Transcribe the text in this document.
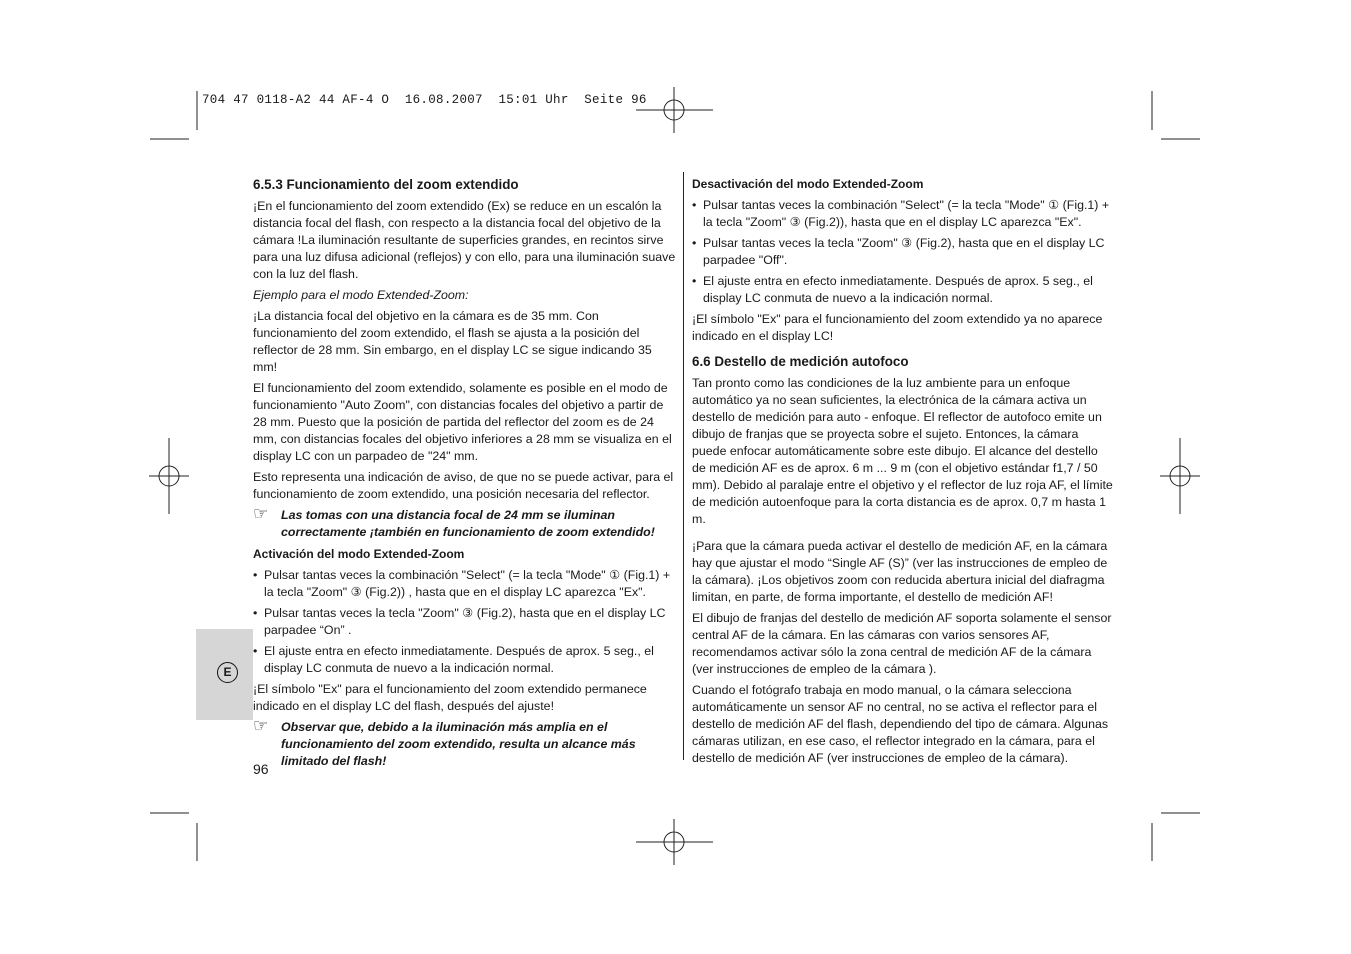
704 47 0118-A2 44 AF-4 O  16.08.2007  15:01 Uhr  Seite 96
E
6.5.3 Funcionamiento del zoom extendido

¡En el funcionamiento del zoom extendido (Ex) se reduce en un escalón la distancia focal del flash, con respecto a la distancia focal del objetivo de la cámara !La iluminación resultante de superficies grandes, en recintos sirve para una luz difusa adicional (reflejos) y con ello, para una iluminación suave con la luz del flash.

Ejemplo para el modo Extended-Zoom:

¡La distancia focal del objetivo en la cámara es de 35 mm. Con funcionamiento del zoom extendido, el flash se ajusta a la posición del reflector de 28 mm. Sin embargo, en el display LC se sigue indicando 35 mm!

El funcionamiento del zoom extendido, solamente es posible en el modo de funcionamiento "Auto Zoom", con distancias focales del objetivo a partir de 28 mm. Puesto que la posición de partida del reflector del zoom es de 24 mm, con distancias focales del objetivo inferiores a 28 mm se visualiza en el display LC con un parpadeo de "24" mm.

Esto representa una indicación de aviso, de que no se puede activar, para el funcionamiento de zoom extendido, una posición necesaria del reflector.

☞ Las tomas con una distancia focal de 24 mm se iluminan correctamente ¡también en funcionamiento de zoom extendido!
Activación del modo Extended-Zoom
• Pulsar tantas veces la combinación "Select" (= la tecla "Mode" ① (Fig.1) + la tecla "Zoom" ③ (Fig.2)) , hasta que en el display LC aparezca "Ex".
• Pulsar tantas veces la tecla "Zoom" ③ (Fig.2), hasta que en el display LC parpadee “On” .
• El ajuste entra en efecto inmediatamente. Después de aprox. 5 seg., el display LC conmuta de nuevo a la indicación normal.

¡El símbolo "Ex" para el funcionamiento del zoom extendido permanece indicado en el display LC del flash, después del ajuste!

☞ Observar que, debido a la iluminación más amplia en el funcionamiento del zoom extendido, resulta un alcance más limitado del flash!
Desactivación del modo Extended-Zoom
• Pulsar tantas veces la combinación "Select" (= la tecla "Mode" ① (Fig.1) + la tecla "Zoom" ③ (Fig.2)), hasta que en el display LC aparezca "Ex".
• Pulsar tantas veces la tecla "Zoom" ③ (Fig.2), hasta que en el display LC parpadee "Off".
• El ajuste entra en efecto inmediatamente. Después de aprox. 5 seg., el display LC conmuta de nuevo a la indicación normal.

¡El símbolo "Ex" para el funcionamiento del zoom extendido ya no aparece indicado en el display LC!

6.6 Destello de medición autofoco

Tan pronto como las condiciones de la luz ambiente para un enfoque automático ya no sean suficientes, la electrónica de la cámara activa un destello de medición para auto - enfoque. El reflector de autofoco emite un dibujo de franjas que se proyecta sobre el sujeto. Entonces, la cámara puede enfocar automáticamente sobre este dibujo. El alcance del destello de medición AF es de aprox. 6 m ... 9 m (con el objetivo estándar f1,7 / 50 mm). Debido al paralaje entre el objetivo y el reflector de luz roja AF, el límite de medición autoenfoque para la corta distancia es de aprox. 0,7 m hasta 1 m.

¡Para que la cámara pueda activar el destello de medición AF, en la cámara hay que ajustar el modo “Single AF (S)” (ver las instrucciones de empleo de la cámara). ¡Los objetivos zoom con reducida abertura inicial del diafragma limitan, en parte, de forma importante, el destello de medición AF!

El dibujo de franjas del destello de medición AF soporta solamente el sensor central AF de la cámara. En las cámaras con varios sensores AF, recomendamos activar sólo la zona central de medición AF de la cámara (ver instrucciones de empleo de la cámara ).

Cuando el fotógrafo trabaja en modo manual, o la cámara selecciona automáticamente un sensor AF no central, no se activa el reflector para el destello de medición AF del flash, dependiendo del tipo de cámara. Algunas cámaras utilizan, en ese caso, el reflector integrado en la cámara, para el destello de medición AF (ver instrucciones de empleo de la cámara).

96
